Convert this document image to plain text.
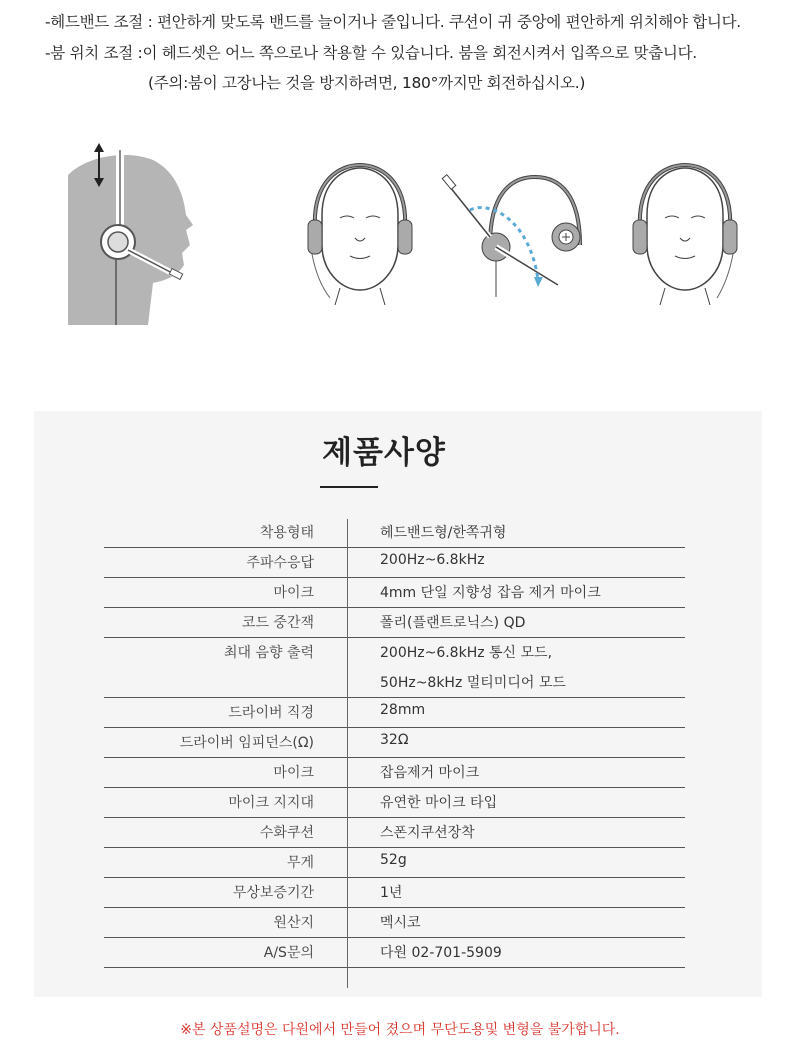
-헤드밴드 조절 : 편안하게 맞도록 밴드를 늘이거나 줄입니다. 쿠션이 귀 중앙에 편안하게 위치해야 합니다.
-붐 위치 조절 :이 헤드셋은 어느 쪽으로나 착용할 수 있습니다. 붐을 회전시켜서 입쪽으로 맞춥니다.
(주의:붐이 고장나는 것을 방지하려면, 180°까지만 회전하십시오.)
제품사양
착용형태	헤드밴드형/한쪽귀형
주파수응답	200Hz~6.8kHz
마이크	4mm 단일 지향성 잡음 제거 마이크
코드 중간잭	폴리(플랜트로닉스) QD
최대 음향 출력	200Hz~6.8kHz 통신 모드,
50Hz~8kHz 멀티미디어 모드
드라이버 직경	28mm
드라이버 임피던스(Ω)	32Ω
마이크	잡음제거 마이크
마이크 지지대	유연한 마이크 타입
수화쿠션	스폰지쿠션장착
무게	52g
무상보증기간	1년
원산지	멕시코
A/S문의	다원 02-701-5909
※본 상품설명은 다원에서 만들어 졌으며 무단도용및 변형을 불가합니다.
